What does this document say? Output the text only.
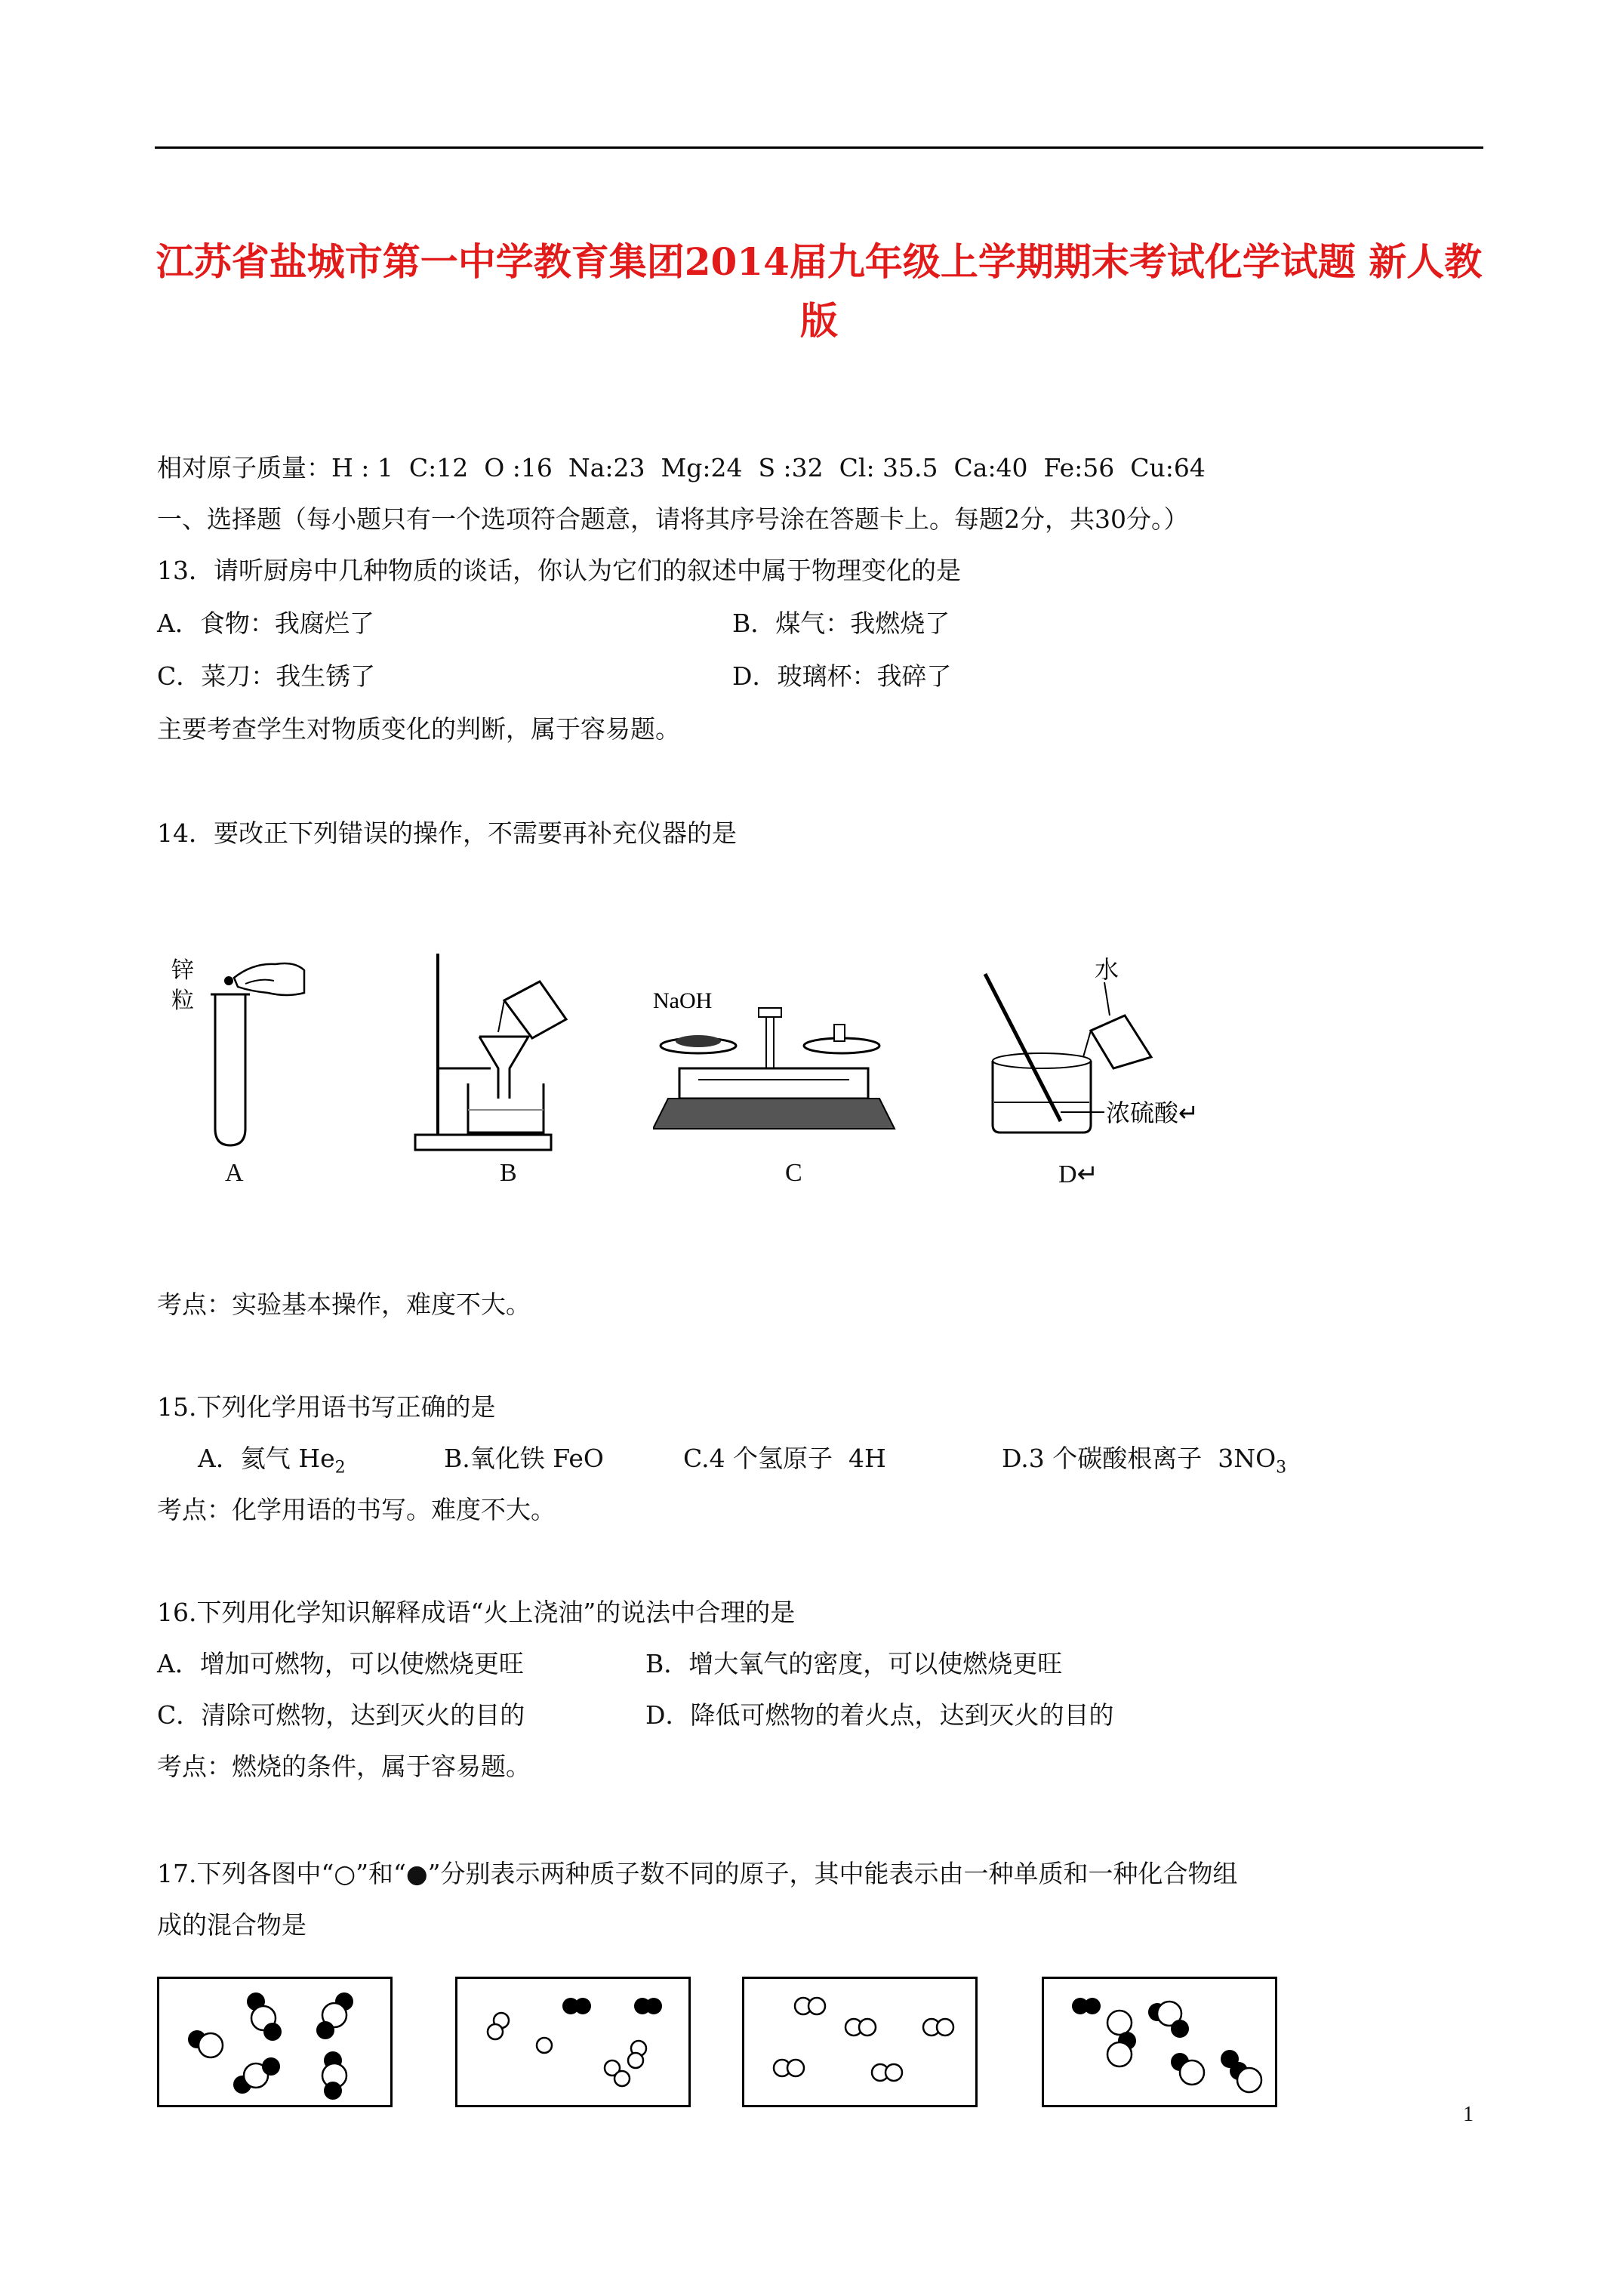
江苏省盐城市第一中学教育集团2014届九年级上学期期末考试化学试题 新人教版
相对原子质量：H : 1  C:12  O :16  Na:23  Mg:24  S :32  Cl: 35.5  Ca:40  Fe:56  Cu:64
一、选择题（每小题只有一个选项符合题意，请将其序号涂在答题卡上。每题2分，共30分。）
13．请听厨房中几种物质的谈话，你认为它们的叙述中属于物理变化的是
A．食物：我腐烂了	B．煤气：我燃烧了
C．菜刀：我生锈了	D．玻璃杯：我碎了
主要考查学生对物质变化的判断，属于容易题。
14．要改正下列错误的操作，不需要再补充仪器的是
锌
粒
A	B
NaOH
C
水
浓硫酸↵
D↵
考点：实验基本操作，难度不大。
15.下列化学用语书写正确的是
A．氦气 $He_2$	B.氧化铁 FeO	C.4 个氢原子  4H	D.3 个碳酸根离子  $3NO_3$
考点：化学用语的书写。难度不大。
16.下列用化学知识解释成语“火上浇油”的说法中合理的是
A．增加可燃物，可以使燃烧更旺	B．增大氧气的密度，可以使燃烧更旺
C．清除可燃物，达到灭火的目的	D．降低可燃物的着火点，达到灭火的目的
考点：燃烧的条件，属于容易题。
17.下列各图中“○”和“●”分别表示两种质子数不同的原子，其中能表示由一种单质和一种化合物组
成的混合物是
1
